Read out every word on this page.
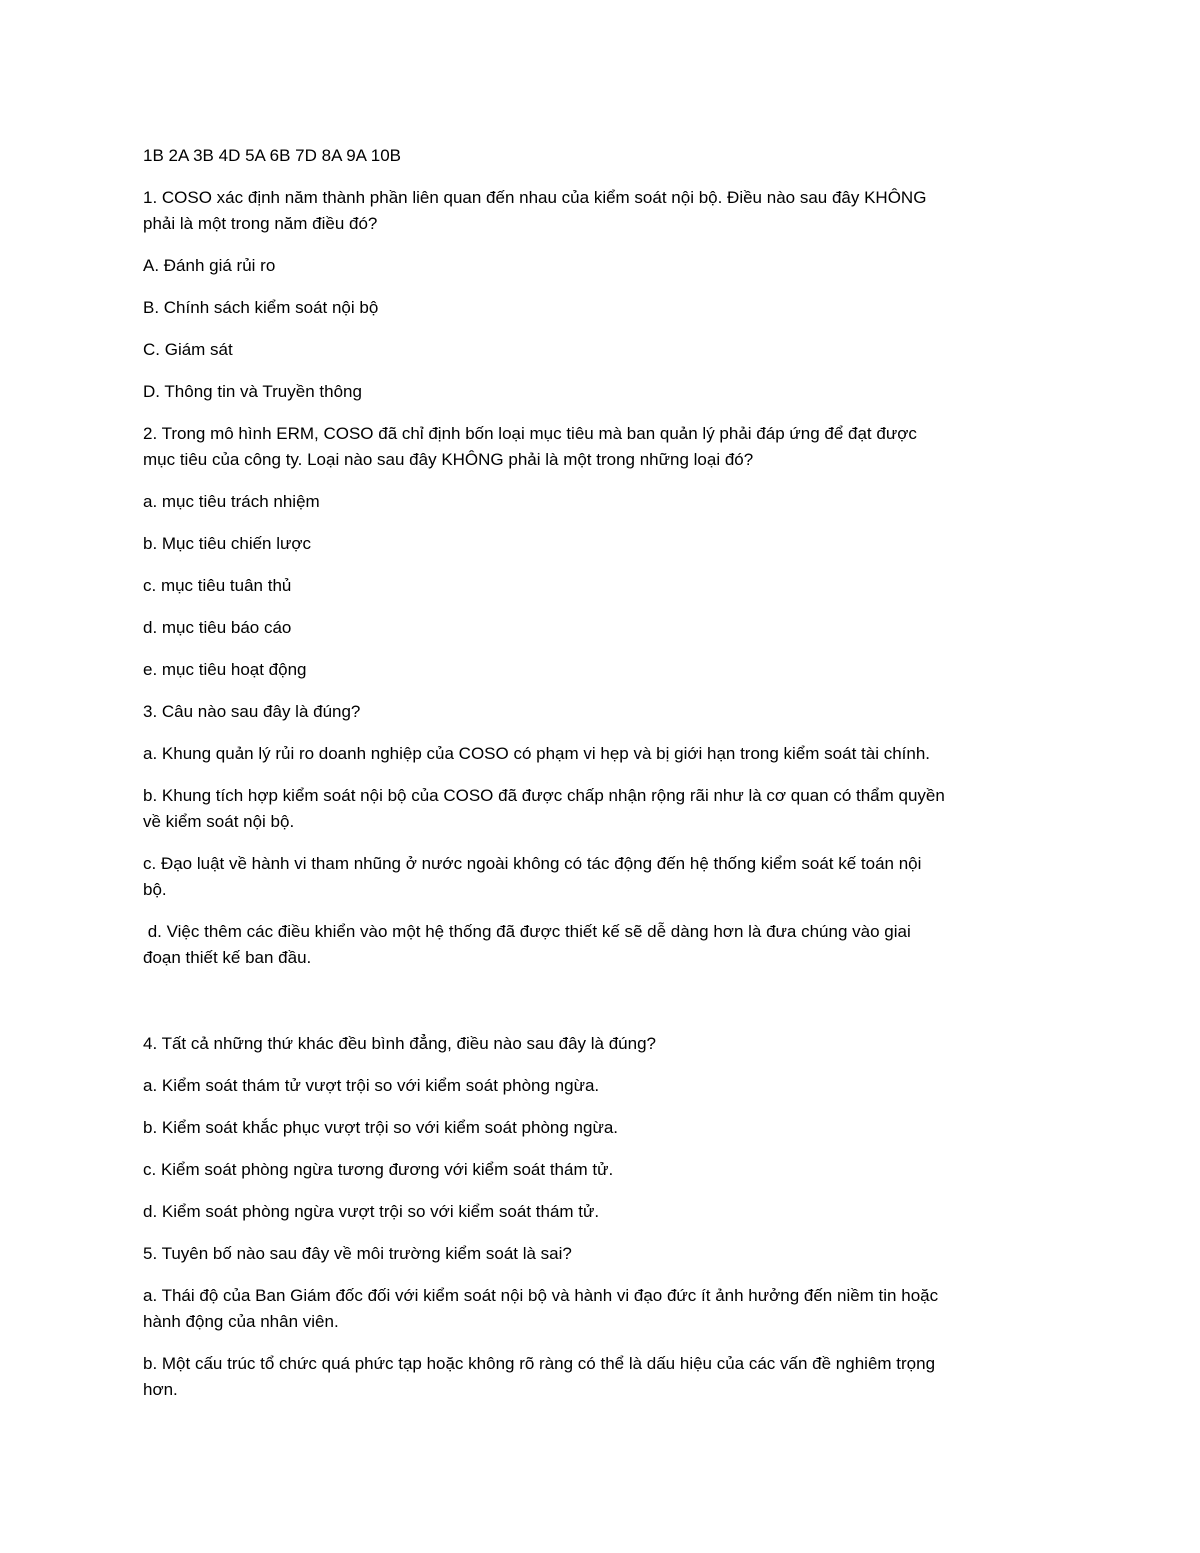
1B 2A 3B 4D 5A 6B 7D 8A 9A 10B

1. COSO xác định năm thành phần liên quan đến nhau của kiểm soát nội bộ. Điều nào sau đây KHÔNG

phải là một trong năm điều đó?

A. Đánh giá rủi ro

B. Chính sách kiểm soát nội bộ

C. Giám sát

D. Thông tin và Truyền thông

2. Trong mô hình ERM, COSO đã chỉ định bốn loại mục tiêu mà ban quản lý phải đáp ứng để đạt được

mục tiêu của công ty. Loại nào sau đây KHÔNG phải là một trong những loại đó?

a. mục tiêu trách nhiệm

b. Mục tiêu chiến lược

c. mục tiêu tuân thủ

d. mục tiêu báo cáo

e. mục tiêu hoạt động

3. Câu nào sau đây là đúng?

a. Khung quản lý rủi ro doanh nghiệp của COSO có phạm vi hẹp và bị giới hạn trong kiểm soát tài chính.

b. Khung tích hợp kiểm soát nội bộ của COSO đã được chấp nhận rộng rãi như là cơ quan có thẩm quyền

về kiểm soát nội bộ.

c. Đạo luật về hành vi tham nhũng ở nước ngoài không có tác động đến hệ thống kiểm soát kế toán nội

bộ.

d. Việc thêm các điều khiển vào một hệ thống đã được thiết kế sẽ dễ dàng hơn là đưa chúng vào giai

đoạn thiết kế ban đầu.

4. Tất cả những thứ khác đều bình đẳng, điều nào sau đây là đúng?

a. Kiểm soát thám tử vượt trội so với kiểm soát phòng ngừa.

b. Kiểm soát khắc phục vượt trội so với kiểm soát phòng ngừa.

c. Kiểm soát phòng ngừa tương đương với kiểm soát thám tử.

d. Kiểm soát phòng ngừa vượt trội so với kiểm soát thám tử.

5. Tuyên bố nào sau đây về môi trường kiểm soát là sai?

a. Thái độ của Ban Giám đốc đối với kiểm soát nội bộ và hành vi đạo đức ít ảnh hưởng đến niềm tin hoặc

hành động của nhân viên.

b. Một cấu trúc tổ chức quá phức tạp hoặc không rõ ràng có thể là dấu hiệu của các vấn đề nghiêm trọng

hơn.
